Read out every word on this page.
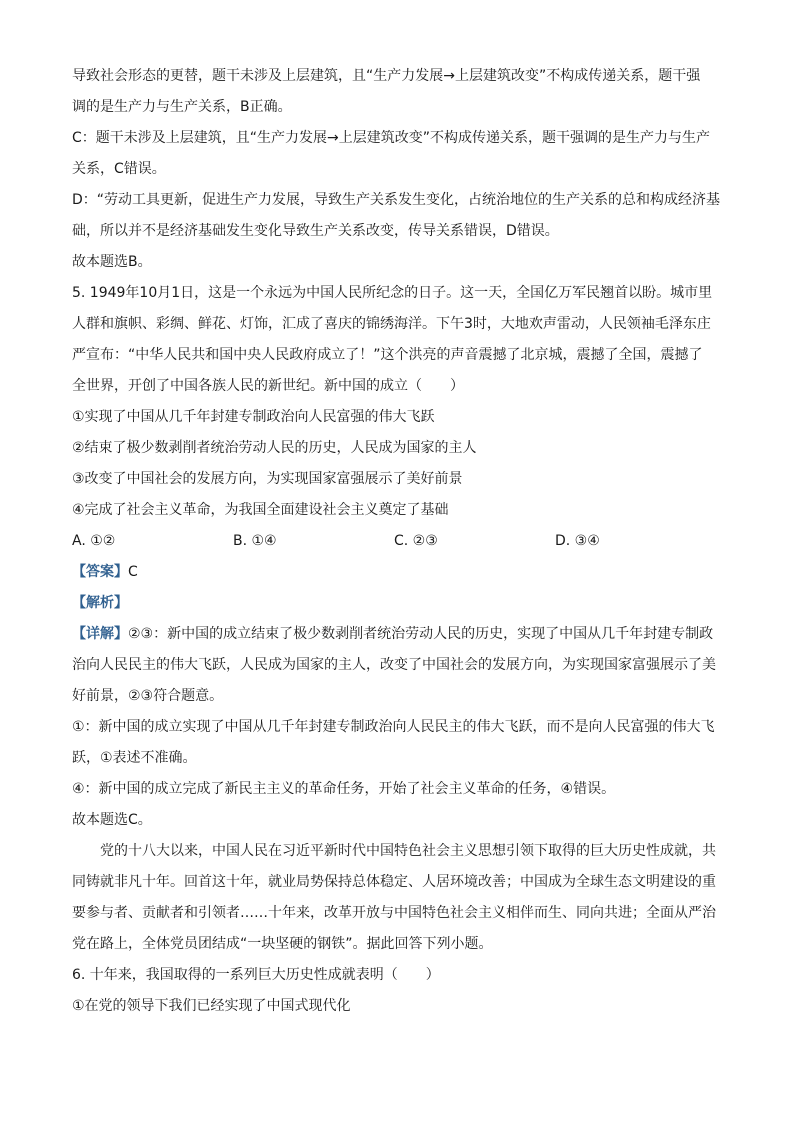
导致社会形态的更替，题干未涉及上层建筑，且“生产力发展→上层建筑改变”不构成传递关系，题干强
调的是生产力与生产关系，B正确。
C：题干未涉及上层建筑，且“生产力发展→上层建筑改变”不构成传递关系，题干强调的是生产力与生产
关系，C错误。
D：“劳动工具更新，促进生产力发展，导致生产关系发生变化，占统治地位的生产关系的总和构成经济基
础，所以并不是经济基础发生变化导致生产关系改变，传导关系错误，D错误。
故本题选B。
5. 1949年10月1日，这是一个永远为中国人民所纪念的日子。这一天，全国亿万军民翘首以盼。城市里
人群和旗帜、彩绸、鲜花、灯饰，汇成了喜庆的锦绣海洋。下午3时，大地欢声雷动，人民领袖毛泽东庄
严宣布：“中华人民共和国中央人民政府成立了！”这个洪亮的声音震撼了北京城，震撼了全国，震撼了
全世界，开创了中国各族人民的新世纪。新中国的成立（　　）
①实现了中国从几千年封建专制政治向人民富强的伟大飞跃
②结束了极少数剥削者统治劳动人民的历史，人民成为国家的主人
③改变了中国社会的发展方向，为实现国家富强展示了美好前景
④完成了社会主义革命，为我国全面建设社会主义奠定了基础
A. ①②	B. ①④	C. ②③	D. ③④
【答案】C
【解析】
【详解】②③：新中国的成立结束了极少数剥削者统治劳动人民的历史，实现了中国从几千年封建专制政
治向人民民主的伟大飞跃，人民成为国家的主人，改变了中国社会的发展方向，为实现国家富强展示了美
好前景，②③符合题意。
①：新中国的成立实现了中国从几千年封建专制政治向人民民主的伟大飞跃，而不是向人民富强的伟大飞
跃，①表述不准确。
④：新中国的成立完成了新民主主义的革命任务，开始了社会主义革命的任务，④错误。
故本题选C。
党的十八大以来，中国人民在习近平新时代中国特色社会主义思想引领下取得的巨大历史性成就，共
同铸就非凡十年。回首这十年，就业局势保持总体稳定、人居环境改善；中国成为全球生态文明建设的重
要参与者、贡献者和引领者……十年来，改革开放与中国特色社会主义相伴而生、同向共进；全面从严治
党在路上，全体党员团结成“一块坚硬的钢铁”。据此回答下列小题。
6. 十年来，我国取得的一系列巨大历史性成就表明（　　）
①在党的领导下我们已经实现了中国式现代化
